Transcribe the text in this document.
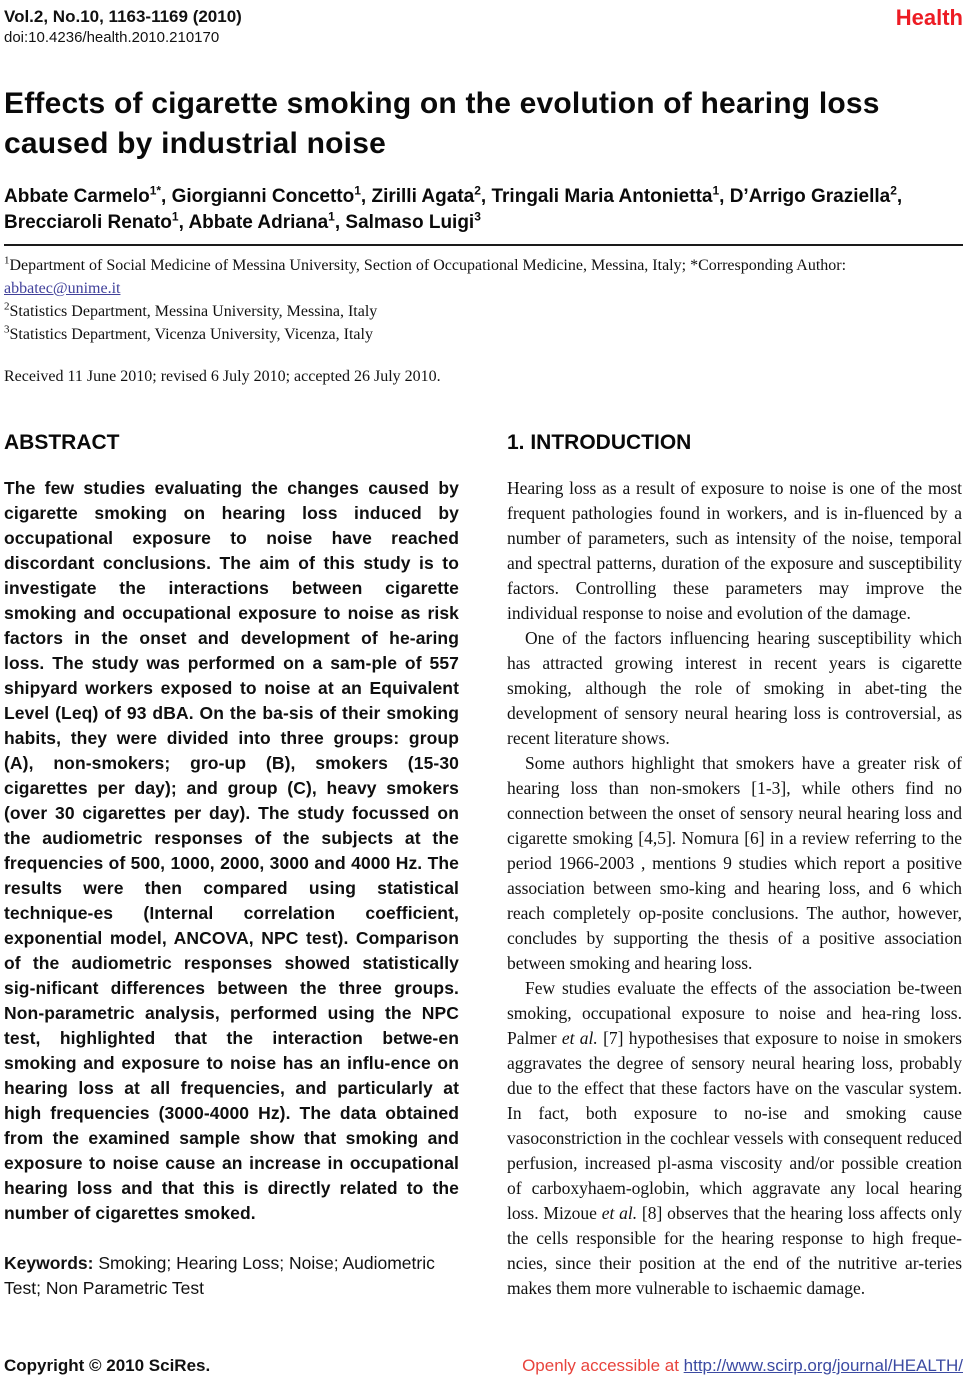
Vol.2, No.10, 1163-1169 (2010)
doi:10.4236/health.2010.210170
Health
Effects of cigarette smoking on the evolution of hearing loss caused by industrial noise
Abbate Carmelo$^{1*}$, Giorgianni Concetto$^1$, Zirilli Agata$^2$, Tringali Maria Antonietta$^1$, D’Arrigo Graziella$^2$, Brecciaroli Renato$^1$, Abbate Adriana$^1$, Salmaso Luigi$^3$
$^1$Department of Social Medicine of Messina University, Section of Occupational Medicine, Messina, Italy; *Corresponding Author: abbatec@unime.it
$^2$Statistics Department, Messina University, Messina, Italy
$^3$Statistics Department, Vicenza University, Vicenza, Italy
Received 11 June 2010; revised 6 July 2010; accepted 26 July 2010.
ABSTRACT

The few studies evaluating the changes caused by cigarette smoking on hearing loss induced by occupational exposure to noise have reached discordant conclusions. The aim of this study is to investigate the interactions between cigarette smoking and occupational exposure to noise as risk factors in the onset and development of he-aring loss. The study was performed on a sam-ple of 557 shipyard workers exposed to noise at an Equivalent Level (Leq) of 93 dBA. On the ba-sis of their smoking habits, they were divided into three groups: group (A), non-smokers; gro-up (B), smokers (15-30 cigarettes per day); and group (C), heavy smokers (over 30 cigarettes per day). The study focussed on the audiometric responses of the subjects at the frequencies of 500, 1000, 2000, 3000 and 4000 Hz. The results were then compared using statistical technique-es (Internal correlation coefficient, exponential model, ANCOVA, NPC test). Comparison of the audiometric responses showed statistically sig-nificant differences between the three groups. Non-parametric analysis, performed using the NPC test, highlighted that the interaction betwe-en smoking and exposure to noise has an influ-ence on hearing loss at all frequencies, and particularly at high frequencies (3000-4000 Hz). The data obtained from the examined sample show that smoking and exposure to noise cause an increase in occupational hearing loss and that this is directly related to the number of cigarettes smoked.

Keywords: Smoking; Hearing Loss; Noise; Audiometric Test; Non Parametric Test

1. INTRODUCTION

Hearing loss as a result of exposure to noise is one of the most frequent pathologies found in workers, and is in-fluenced by a number of parameters, such as intensity of the noise, temporal and spectral patterns, duration of the exposure and susceptibility factors. Controlling these parameters may improve the individual response to noise and evolution of the damage.

One of the factors influencing hearing susceptibility which has attracted growing interest in recent years is cigarette smoking, although the role of smoking in abet-ting the development of sensory neural hearing loss is controversial, as recent literature shows.

Some authors highlight that smokers have a greater risk of hearing loss than non-smokers [1-3], while others find no connection between the onset of sensory neural hearing loss and cigarette smoking [4,5]. Nomura [6] in a review referring to the period 1966-2003 , mentions 9 studies which report a positive association between smo-king and hearing loss, and 6 which reach completely op-posite conclusions. The author, however, concludes by supporting the thesis of a positive association between smoking and hearing loss.

Few studies evaluate the effects of the association be-tween smoking, occupational exposure to noise and hea-ring loss. Palmer et al. [7] hypothesises that exposure to noise in smokers aggravates the degree of sensory neural hearing loss, probably due to the effect that these factors have on the vascular system. In fact, both exposure to no-ise and smoking cause vasoconstriction in the cochlear vessels with consequent reduced perfusion, increased pl-asma viscosity and/or possible creation of carboxyhaem-oglobin, which aggravate any local hearing loss. Mizoue et al. [8] observes that the hearing loss affects only the cells responsible for the hearing response to high freque-ncies, since their position at the end of the nutritive ar-teries makes them more vulnerable to ischaemic damage.

Copyright © 2010 SciRes.	Openly accessible at http://www.scirp.org/journal/HEALTH/
